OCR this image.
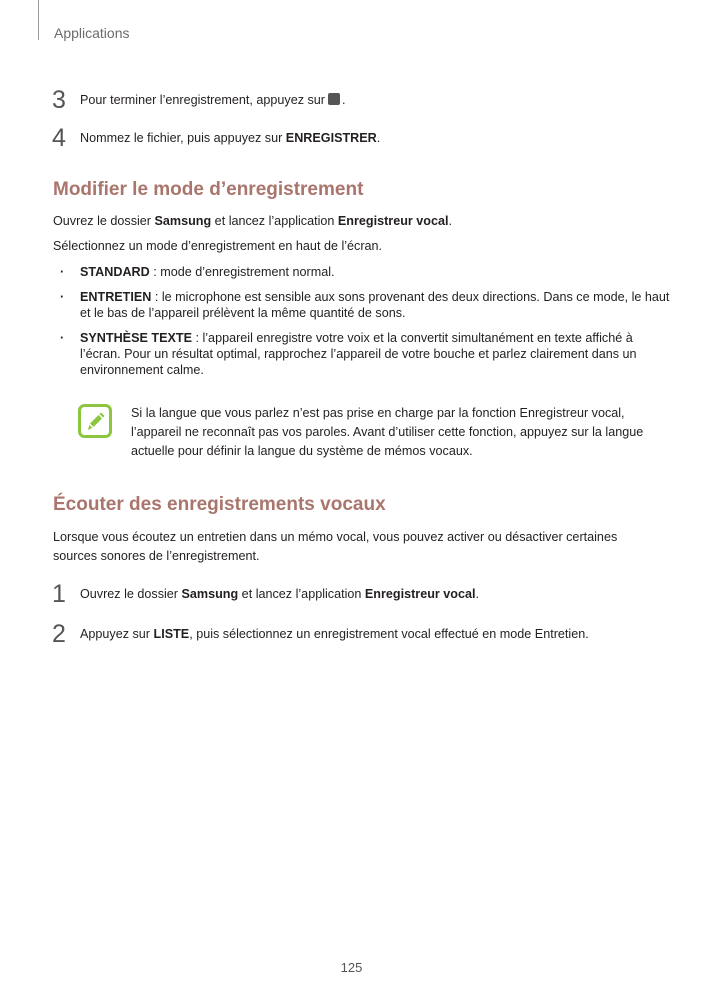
Applications
3 Pour terminer l’enregistrement, appuyez sur .
4 Nommez le fichier, puis appuyez sur ENREGISTRER.
Modifier le mode d’enregistrement
Ouvrez le dossier Samsung et lancez l’application Enregistreur vocal.
Sélectionnez un mode d’enregistrement en haut de l’écran.
· STANDARD : mode d’enregistrement normal.
· ENTRETIEN : le microphone est sensible aux sons provenant des deux directions. Dans ce mode, le haut et le bas de l’appareil prélèvent la même quantité de sons.
· SYNTHÈSE TEXTE : l’appareil enregistre votre voix et la convertit simultanément en texte affiché à l’écran. Pour un résultat optimal, rapprochez l’appareil de votre bouche et parlez clairement dans un environnement calme.
Si la langue que vous parlez n’est pas prise en charge par la fonction Enregistreur vocal, l’appareil ne reconnaît pas vos paroles. Avant d’utiliser cette fonction, appuyez sur la langue actuelle pour définir la langue du système de mémos vocaux.
Écouter des enregistrements vocaux
Lorsque vous écoutez un entretien dans un mémo vocal, vous pouvez activer ou désactiver certaines
sources sonores de l’enregistrement.
1 Ouvrez le dossier Samsung et lancez l’application Enregistreur vocal.
2 Appuyez sur LISTE, puis sélectionnez un enregistrement vocal effectué en mode Entretien.
125
